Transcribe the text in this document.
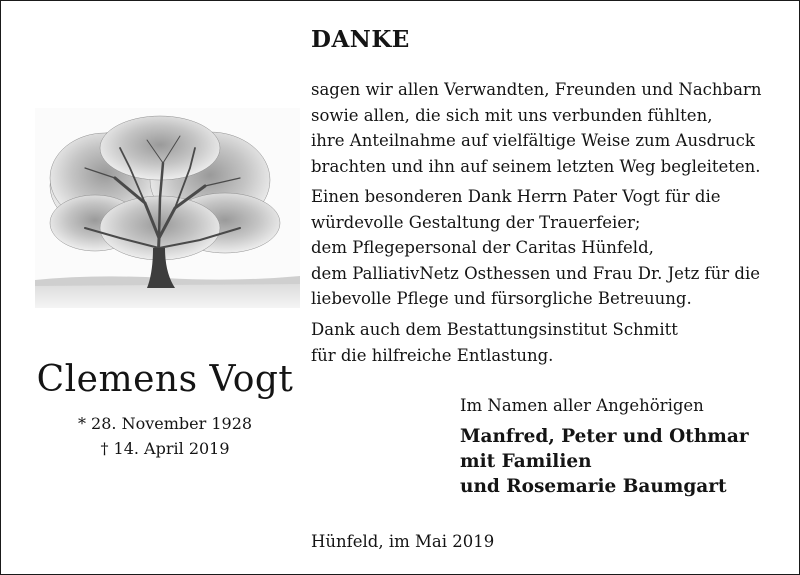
Clemens Vogt
* 28. November 1928
† 14. April 2019
DANKE
sagen wir allen Verwandten, Freunden und Nachbarn
sowie allen, die sich mit uns verbunden fühlten,
ihre Anteilnahme auf vielfältige Weise zum Ausdruck
brachten und ihn auf seinem letzten Weg begleiteten.
Einen besonderen Dank Herrn Pater Vogt für die
würdevolle Gestaltung der Trauerfeier;
dem Pflegepersonal der Caritas Hünfeld,
dem PalliativNetz Osthessen und Frau Dr. Jetz für die
liebevolle Pflege und fürsorgliche Betreuung.
Dank auch dem Bestattungsinstitut Schmitt
für die hilfreiche Entlastung.
Im Namen aller Angehörigen
Manfred, Peter und Othmar
mit Familien
und Rosemarie Baumgart
Hünfeld, im Mai 2019
